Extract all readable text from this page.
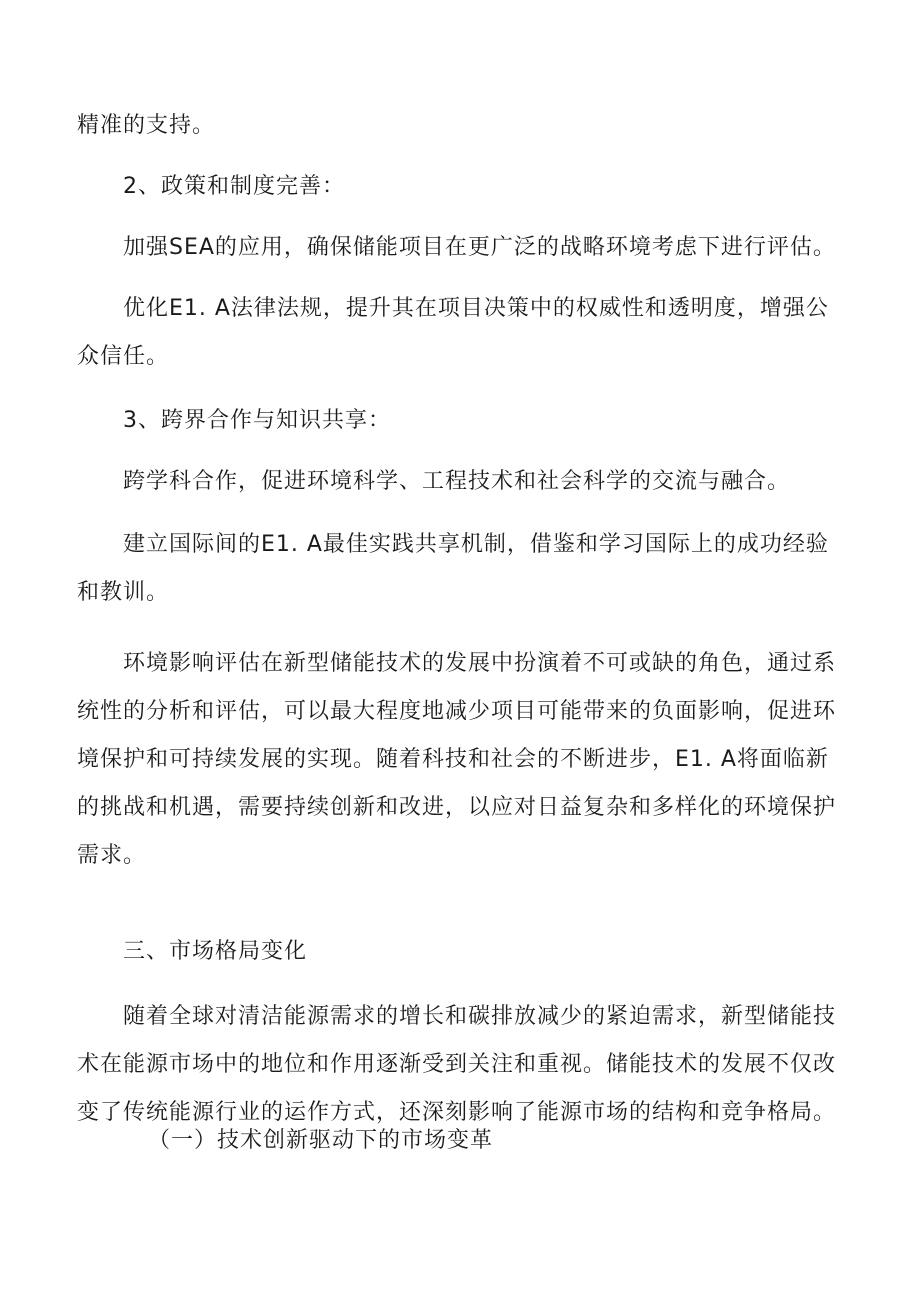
精准的支持。

2、政策和制度完善：

加强SEA的应用，确保储能项目在更广泛的战略环境考虑下进行评估。

优化E1. A法律法规，提升其在项目决策中的权威性和透明度，增强公众信任。

3、跨界合作与知识共享：

跨学科合作，促进环境科学、工程技术和社会科学的交流与融合。

建立国际间的E1. A最佳实践共享机制，借鉴和学习国际上的成功经验和教训。

环境影响评估在新型储能技术的发展中扮演着不可或缺的角色，通过系统性的分析和评估，可以最大程度地减少项目可能带来的负面影响，促进环境保护和可持续发展的实现。随着科技和社会的不断进步，E1. A将面临新的挑战和机遇，需要持续创新和改进，以应对日益复杂和多样化的环境保护需求。

三、市场格局变化

随着全球对清洁能源需求的增长和碳排放减少的紧迫需求，新型储能技术在能源市场中的地位和作用逐渐受到关注和重视。储能技术的发展不仅改变了传统能源行业的运作方式，还深刻影响了能源市场的结构和竞争格局。

（一）技术创新驱动下的市场变革
